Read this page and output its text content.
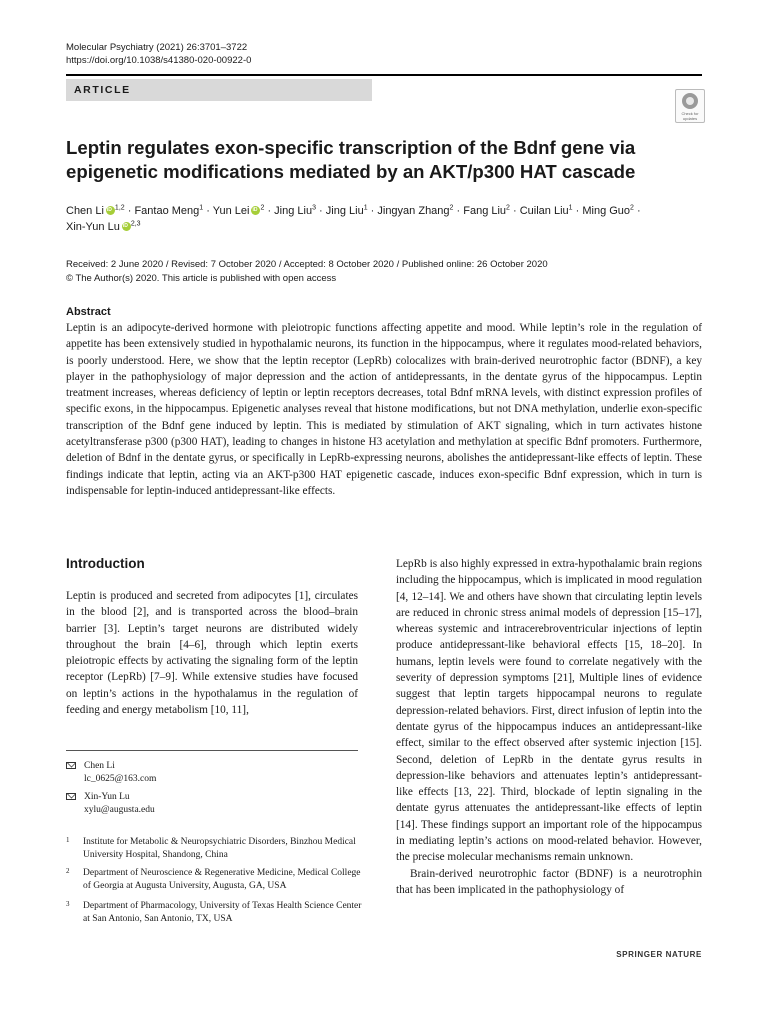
Molecular Psychiatry (2021) 26:3701–3722
https://doi.org/10.1038/s41380-020-00922-0
ARTICLE
Check for updates
Leptin regulates exon-specific transcription of the Bdnf gene via epigenetic modifications mediated by an AKT/p300 HAT cascade
Chen Li iD $^{1,2}$ · Fantao Meng$^1$ · Yun Lei iD $^2$ · Jing Liu$^3$ · Jing Liu$^1$ · Jingyan Zhang$^2$ · Fang Liu$^2$ · Cuilan Liu$^1$ · Ming Guo$^2$ ·
Xin-Yun Lu iD $^{2,3}$
Received: 2 June 2020 / Revised: 7 October 2020 / Accepted: 8 October 2020 / Published online: 26 October 2020
© The Author(s) 2020. This article is published with open access
Abstract
Leptin is an adipocyte-derived hormone with pleiotropic functions affecting appetite and mood. While leptin’s role in the regulation of appetite has been extensively studied in hypothalamic neurons, its function in the hippocampus, where it regulates mood-related behaviors, is poorly understood. Here, we show that the leptin receptor (LepRb) colocalizes with brain-derived neurotrophic factor (BDNF), a key player in the pathophysiology of major depression and the action of antidepressants, in the dentate gyrus of the hippocampus. Leptin treatment increases, whereas deficiency of leptin or leptin receptors decreases, total Bdnf mRNA levels, with distinct expression profiles of specific exons, in the hippocampus. Epigenetic analyses reveal that histone modifications, but not DNA methylation, underlie exon-specific transcription of the Bdnf gene induced by leptin. This is mediated by stimulation of AKT signaling, which in turn activates histone acetyltransferase p300 (p300 HAT), leading to changes in histone H3 acetylation and methylation at specific Bdnf promoters. Furthermore, deletion of Bdnf in the dentate gyrus, or specifically in LepRb-expressing neurons, abolishes the antidepressant-like effects of leptin. These findings indicate that leptin, acting via an AKT-p300 HAT epigenetic cascade, induces exon-specific Bdnf expression, which in turn is indispensable for leptin-induced antidepressant-like effects.
Introduction
Leptin is produced and secreted from adipocytes [1], circulates in the blood [2], and is transported across the blood–brain barrier [3]. Leptin’s target neurons are distributed widely throughout the brain [4–6], through which leptin exerts pleiotropic effects by activating the signaling form of the leptin receptor (LepRb) [7–9]. While extensive studies have focused on leptin’s actions in the hypothalamus in the regulation of feeding and energy metabolism [10, 11],

LepRb is also highly expressed in extra-hypothalamic brain regions including the hippocampus, which is implicated in mood regulation [4, 12–14]. We and others have shown that circulating leptin levels are reduced in chronic stress animal models of depression [15–17], whereas systemic and intracerebroventricular injections of leptin produce antidepressant-like behavioral effects [15, 18–20]. In humans, leptin levels were found to correlate negatively with the severity of depression symptoms [21], Multiple lines of evidence suggest that leptin targets hippocampal neurons to regulate depression-related behaviors. First, direct infusion of leptin into the dentate gyrus of the hippocampus induces an antidepressant-like effect, similar to the effect observed after systemic injection [15]. Second, deletion of LepRb in the dentate gyrus results in depression-like behaviors and attenuates leptin’s antidepressant-like effects [13, 22]. Third, blockade of leptin signaling in the dentate gyrus attenuates the antidepressant-like effects of leptin [14]. These findings support an important role of the hippocampus in mediating leptin’s actions on mood-related behavior. However, the precise molecular mechanisms remain unknown.

Brain-derived neurotrophic factor (BDNF) is a neurotrophin that has been implicated in the pathophysiology of

Chen Li
lc_0625@163.com
Xin-Yun Lu
xylu@augusta.edu
1 Institute for Metabolic & Neuropsychiatric Disorders, Binzhou Medical University Hospital, Shandong, China
2 Department of Neuroscience & Regenerative Medicine, Medical College of Georgia at Augusta University, Augusta, GA, USA
3 Department of Pharmacology, University of Texas Health Science Center at San Antonio, San Antonio, TX, USA
SPRINGER NATURE
